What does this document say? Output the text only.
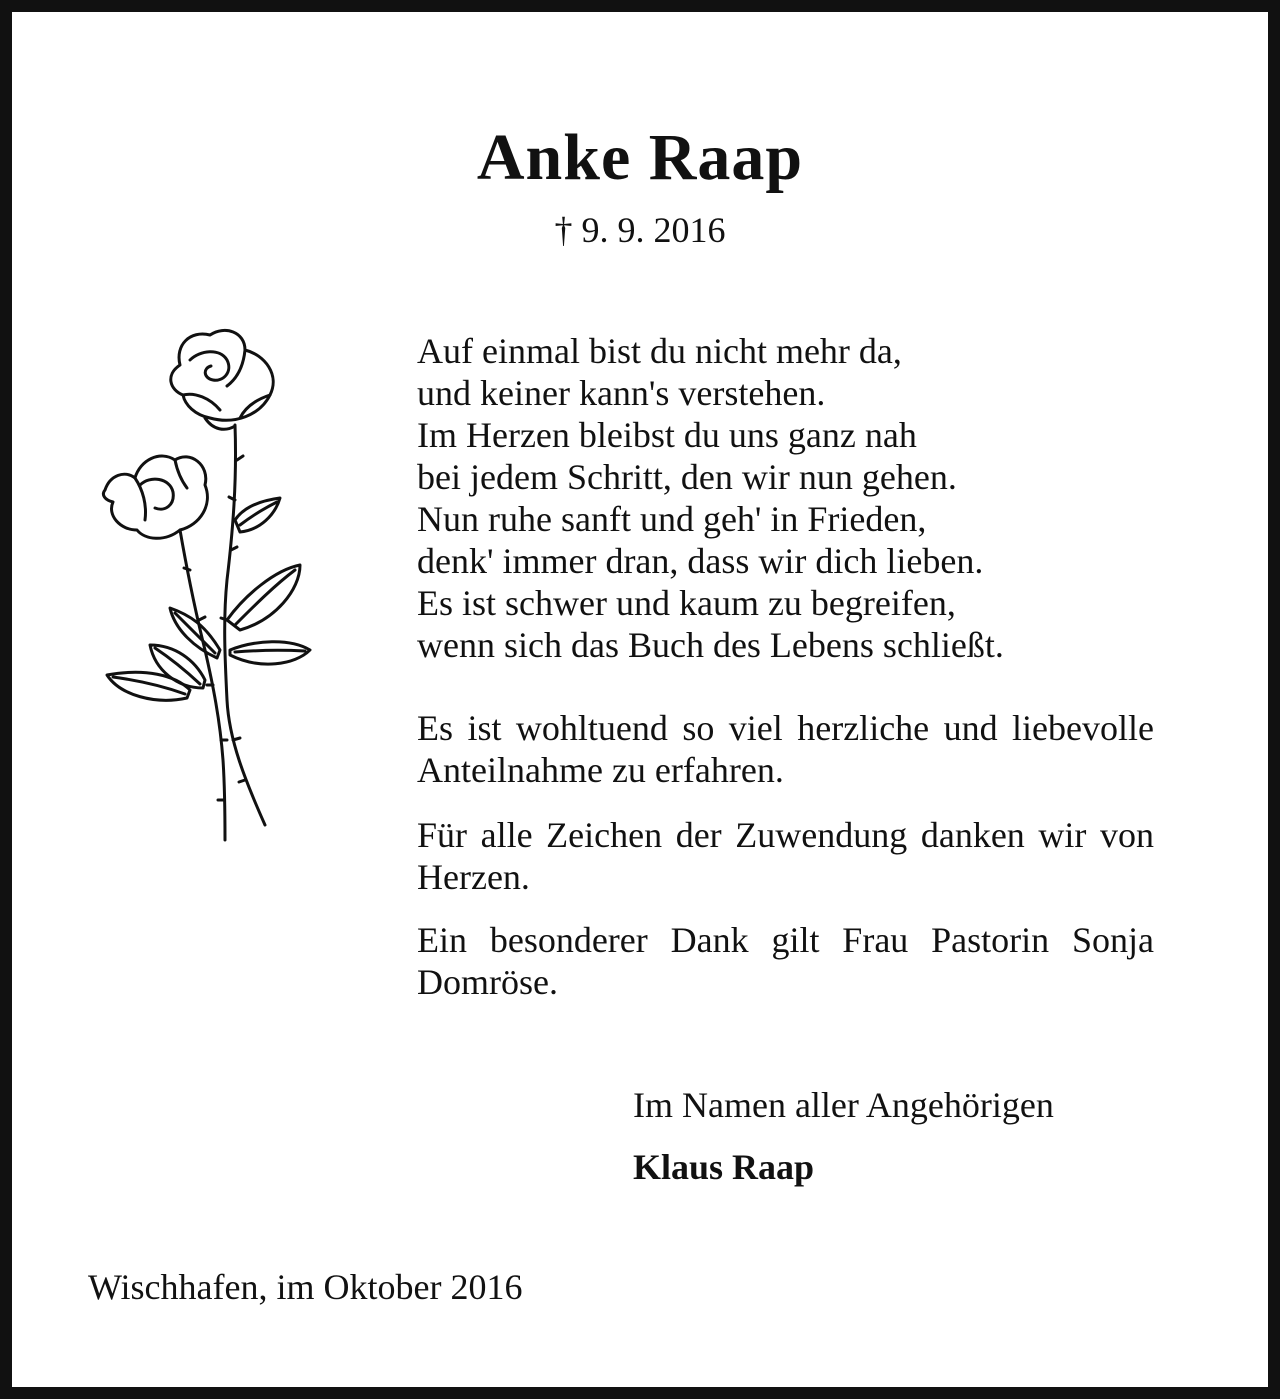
Anke Raap
† 9. 9. 2016
Auf einmal bist du nicht mehr da,
und keiner kann's verstehen.
Im Herzen bleibst du uns ganz nah
bei jedem Schritt, den wir nun gehen.
Nun ruhe sanft und geh' in Frieden,
denk' immer dran, dass wir dich lieben.
Es ist schwer und kaum zu begreifen,
wenn sich das Buch des Lebens schließt.
Es ist wohltuend so viel herzliche und liebevolle Anteilnahme zu erfahren.
Für alle Zeichen der Zuwendung danken wir von Herzen.
Ein besonderer Dank gilt Frau Pastorin Sonja Domröse.
Im Namen aller Angehörigen
Klaus Raap
Wischhafen, im Oktober 2016
